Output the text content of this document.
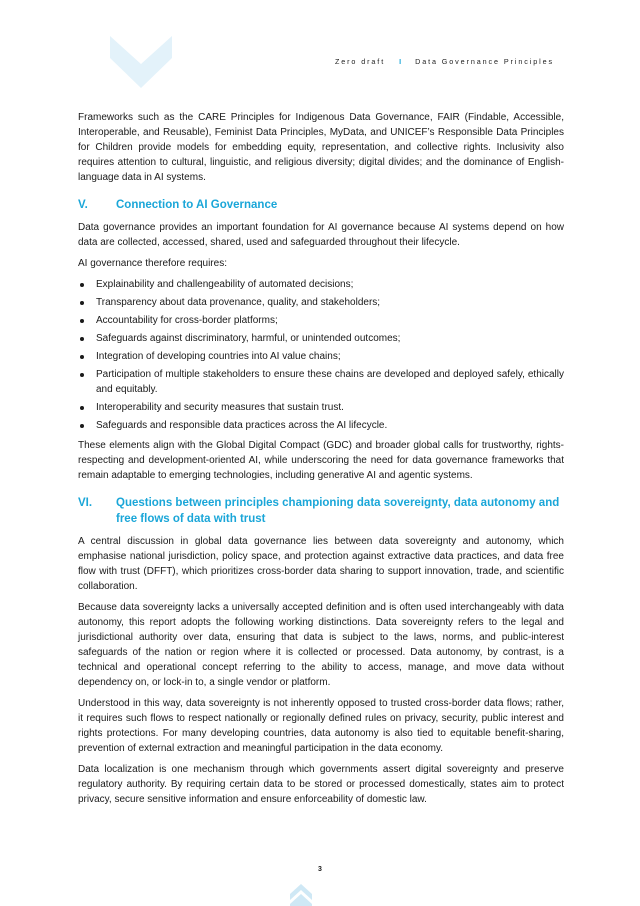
Zero draft I Data Governance Principles

Frameworks such as the CARE Principles for Indigenous Data Governance, FAIR (Findable, Accessible, Interoperable, and Reusable), Feminist Data Principles, MyData, and UNICEF’s Responsible Data Principles for Children provide models for embedding equity, representation, and collective rights. Inclusivity also requires attention to cultural, linguistic, and religious diversity; digital divides; and the dominance of English-language data in AI systems.

V.	Connection to AI Governance

Data governance provides an important foundation for AI governance because AI systems depend on how data are collected, accessed, shared, used and safeguarded throughout their lifecycle.

AI governance therefore requires:

Explainability and challengeability of automated decisions;
Transparency about data provenance, quality, and stakeholders;
Accountability for cross-border platforms;
Safeguards against discriminatory, harmful, or unintended outcomes;
Integration of developing countries into AI value chains;
Participation of multiple stakeholders to ensure these chains are developed and deployed safely, ethically and equitably.
Interoperability and security measures that sustain trust.
Safeguards and responsible data practices across the AI lifecycle.

These elements align with the Global Digital Compact (GDC) and broader global calls for trustworthy, rights-respecting and development-oriented AI, while underscoring the need for data governance frameworks that remain adaptable to emerging technologies, including generative AI and agentic systems.

VI.	Questions between principles championing data sovereignty, data autonomy and free flows of data with trust

A central discussion in global data governance lies between data sovereignty and autonomy, which emphasise national jurisdiction, policy space, and protection against extractive data practices, and data free flow with trust (DFFT), which prioritizes cross-border data sharing to support innovation, trade, and scientific collaboration.

Because data sovereignty lacks a universally accepted definition and is often used interchangeably with data autonomy, this report adopts the following working distinctions. Data sovereignty refers to the legal and jurisdictional authority over data, ensuring that data is subject to the laws, norms, and public-interest safeguards of the nation or region where it is collected or processed. Data autonomy, by contrast, is a technical and operational concept referring to the ability to access, manage, and move data without dependency on, or lock-in to, a single vendor or platform.

Understood in this way, data sovereignty is not inherently opposed to trusted cross-border data flows; rather, it requires such flows to respect nationally or regionally defined rules on privacy, security, public interest and rights protections. For many developing countries, data autonomy is also tied to equitable benefit-sharing, prevention of external extraction and meaningful participation in the data economy.

Data localization is one mechanism through which governments assert digital sovereignty and preserve regulatory authority. By requiring certain data to be stored or processed domestically, states aim to protect privacy, secure sensitive information and ensure enforceability of domestic law.

3
